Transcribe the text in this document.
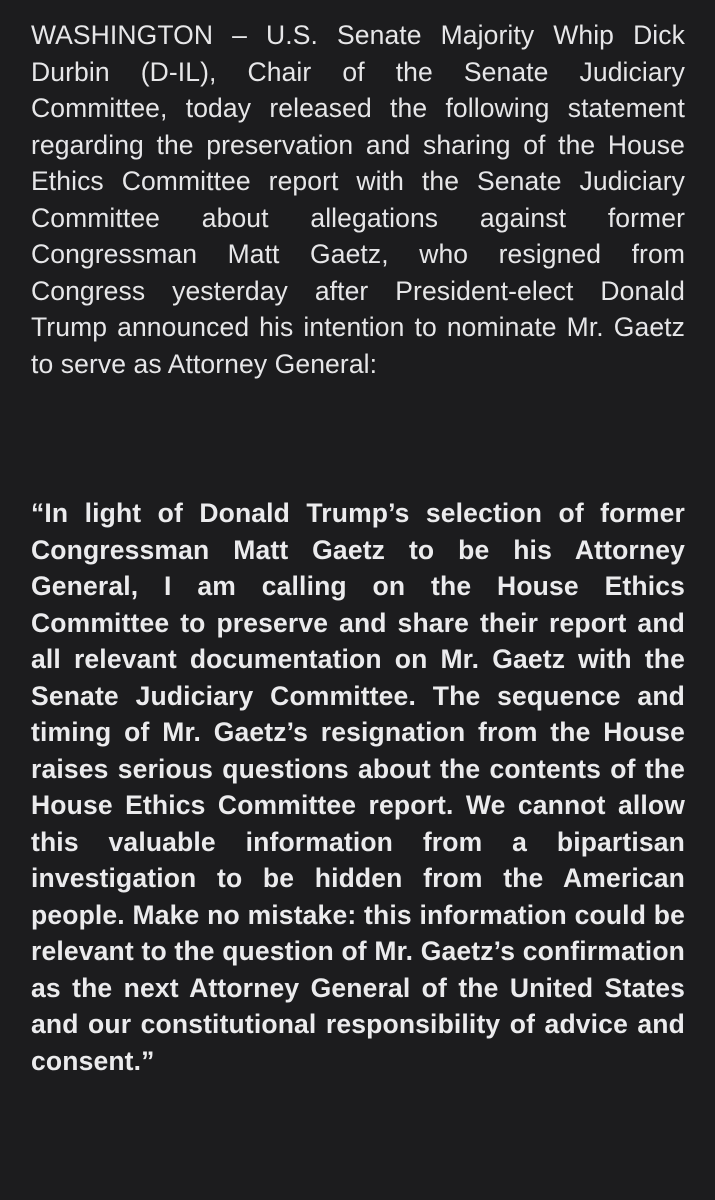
WASHINGTON – U.S. Senate Majority Whip Dick Durbin (D-IL), Chair of the Senate Judiciary Committee, today released the following statement regarding the preservation and sharing of the House Ethics Committee report with the Senate Judiciary Committee about allegations against former Congressman Matt Gaetz, who resigned from Congress yesterday after President-elect Donald Trump announced his intention to nominate Mr. Gaetz to serve as Attorney General:

“In light of Donald Trump’s selection of former Congressman Matt Gaetz to be his Attorney General, I am calling on the House Ethics Committee to preserve and share their report and all relevant documentation on Mr. Gaetz with the Senate Judiciary Committee. The sequence and timing of Mr. Gaetz’s resignation from the House raises serious questions about the contents of the House Ethics Committee report. We cannot allow this valuable information from a bipartisan investigation to be hidden from the American people. Make no mistake: this information could be relevant to the question of Mr. Gaetz’s confirmation as the next Attorney General of the United States and our constitutional responsibility of advice and consent.”
